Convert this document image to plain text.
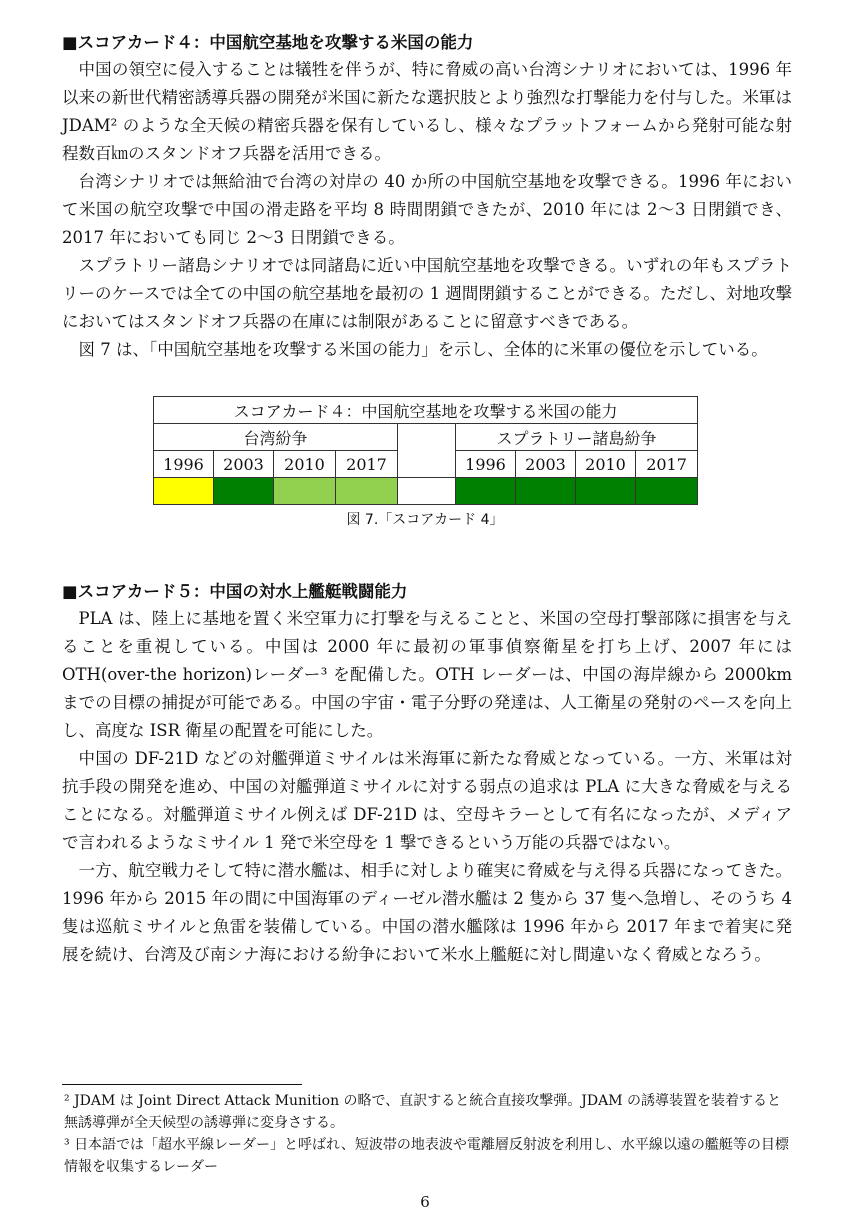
■スコアカード４：中国航空基地を攻撃する米国の能力

中国の領空に侵入することは犠牲を伴うが、特に脅威の高い台湾シナリオにおいては、1996 年以来の新世代精密誘導兵器の開発が米国に新たな選択肢とより強烈な打撃能力を付与した。米軍はJDAM² のような全天候の精密兵器を保有しているし、様々なプラットフォームから発射可能な射程数百㎞のスタンドオフ兵器を活用できる。

台湾シナリオでは無給油で台湾の対岸の 40 か所の中国航空基地を攻撃できる。1996 年において米国の航空攻撃で中国の滑走路を平均 8 時間閉鎖できたが、2010 年には 2〜3 日閉鎖でき、2017 年においても同じ 2〜3 日閉鎖できる。

スプラトリー諸島シナリオでは同諸島に近い中国航空基地を攻撃できる。いずれの年もスプラトリーのケースでは全ての中国の航空基地を最初の 1 週間閉鎖することができる。ただし、対地攻撃においてはスタンドオフ兵器の在庫には制限があることに留意すべきである。

図 7 は、「中国航空基地を攻撃する米国の能力」を示し、全体的に米軍の優位を示している。

スコアカード４：中国航空基地を攻撃する米国の能力								
台湾紛争					スプラトリー諸島紛争			
1996	2003	2010	2017		1996	2003	2010	2017

図 7.「スコアカード 4」

■スコアカード５：中国の対水上艦艇戦闘能力

PLA は、陸上に基地を置く米空軍力に打撃を与えることと、米国の空母打撃部隊に損害を与えることを重視している。中国は 2000 年に最初の軍事偵察衛星を打ち上げ、2007 年には OTH(over-the horizon)レーダー³ を配備した。OTH レーダーは、中国の海岸線から 2000km までの目標の捕捉が可能である。中国の宇宙・電子分野の発達は、人工衛星の発射のペースを向上し、高度な ISR 衛星の配置を可能にした。

中国の DF-21D などの対艦弾道ミサイルは米海軍に新たな脅威となっている。一方、米軍は対抗手段の開発を進め、中国の対艦弾道ミサイルに対する弱点の追求は PLA に大きな脅威を与えることになる。対艦弾道ミサイル例えば DF-21D は、空母キラーとして有名になったが、メディアで言われるようなミサイル 1 発で米空母を 1 撃できるという万能の兵器ではない。

一方、航空戦力そして特に潜水艦は、相手に対しより確実に脅威を与え得る兵器になってきた。1996 年から 2015 年の間に中国海軍のディーゼル潜水艦は 2 隻から 37 隻へ急増し、そのうち 4 隻は巡航ミサイルと魚雷を装備している。中国の潜水艦隊は 1996 年から 2017 年まで着実に発展を続け、台湾及び南シナ海における紛争において米水上艦艇に対し間違いなく脅威となろう。

² JDAM は Joint Direct Attack Munition の略で、直訳すると統合直接攻撃弾。JDAM の誘導装置を装着すると無誘導弾が全天候型の誘導弾に変身さする。

³ 日本語では「超水平線レーダー」と呼ばれ、短波帯の地表波や電離層反射波を利用し、水平線以遠の艦艇等の目標情報を収集するレーダー

6
